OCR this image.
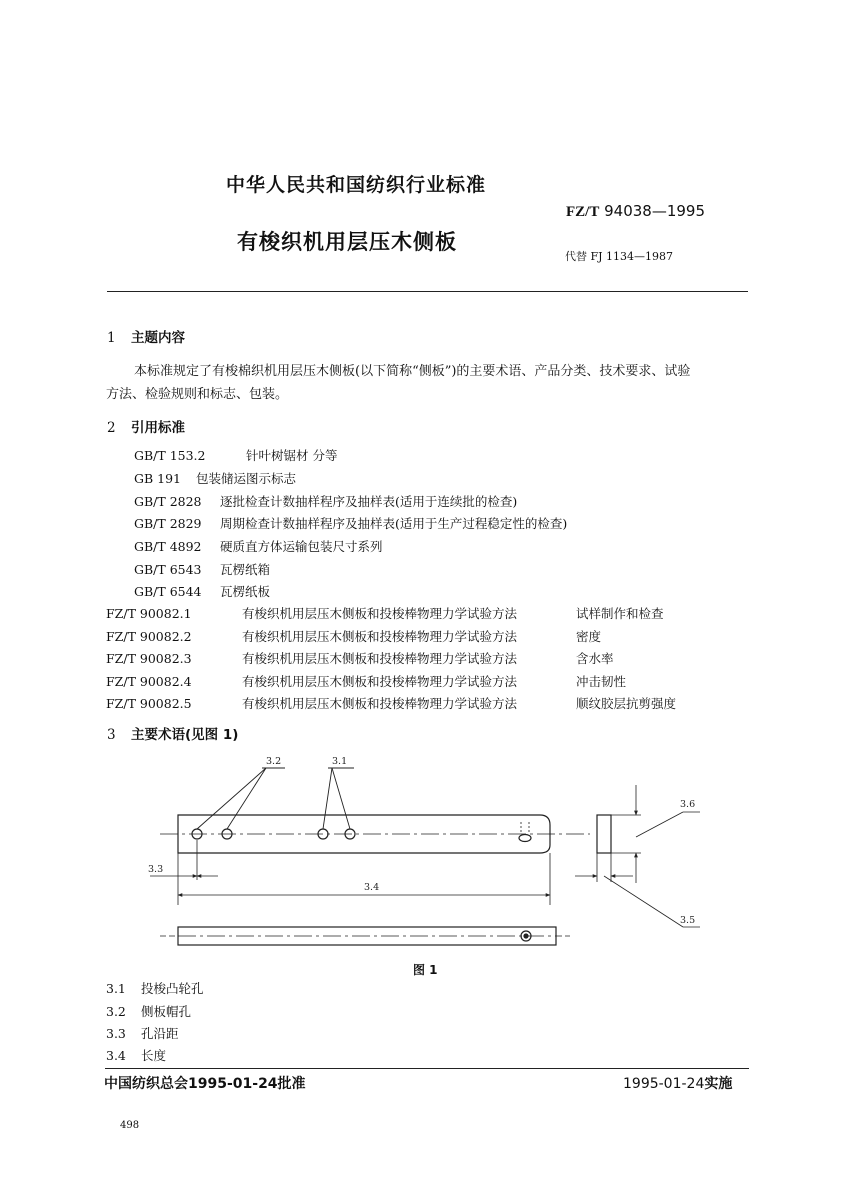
中华人民共和国纺织行业标准
FZ/T 94038—1995
有梭织机用层压木侧板
代替 FJ 1134—1987
1 主题内容
本标准规定了有梭棉织机用层压木侧板(以下简称“侧板”)的主要术语、产品分类、技术要求、试验
方法、检验规则和标志、包装。
2 引用标准
GB/T 153.2	针叶树锯材 分等
GB 191 包装储运图示标志
GB/T 2828 逐批检查计数抽样程序及抽样表(适用于连续批的检查)
GB/T 2829 周期检查计数抽样程序及抽样表(适用于生产过程稳定性的检查)
GB/T 4892 硬质直方体运输包装尺寸系列
GB/T 6543 瓦楞纸箱
GB/T 6544 瓦楞纸板
FZ/T 90082.1	有梭织机用层压木侧板和投梭棒物理力学试验方法	试样制作和检查
FZ/T 90082.2	有梭织机用层压木侧板和投梭棒物理力学试验方法	密度
FZ/T 90082.3	有梭织机用层压木侧板和投梭棒物理力学试验方法	含水率
FZ/T 90082.4	有梭织机用层压木侧板和投梭棒物理力学试验方法	冲击韧性
FZ/T 90082.5	有梭织机用层压木侧板和投梭棒物理力学试验方法	顺纹胶层抗剪强度
3 主要术语(见图 1)
3.2	3.1
3.3
3.4
3.6
3.5
图 1
3.1 投梭凸轮孔
3.2 侧板帽孔
3.3 孔沿距
3.4 长度
中国纺织总会1995-01-24批准	1995-01-24实施
498
